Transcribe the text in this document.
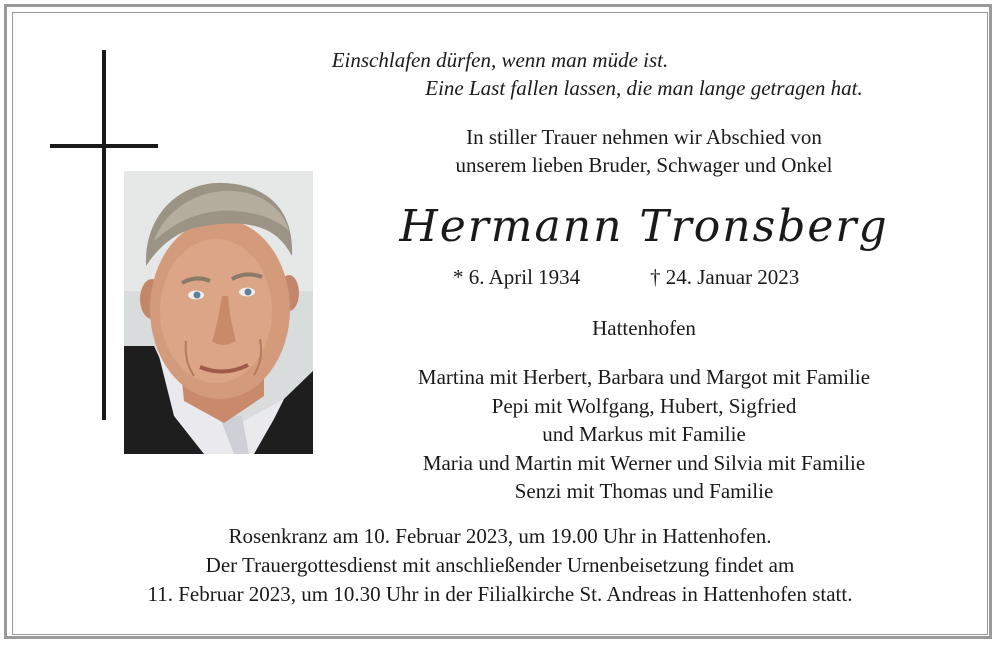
Einschlafen dürfen, wenn man müde ist.
Eine Last fallen lassen, die man lange getragen hat.
In stiller Trauer nehmen wir Abschied von
unserem lieben Bruder, Schwager und Onkel
Hermann Tronsberg
* 6. April 1934	† 24. Januar 2023
Hattenhofen
Martina mit Herbert, Barbara und Margot mit Familie
Pepi mit Wolfgang, Hubert, Sigfried
und Markus mit Familie
Maria und Martin mit Werner und Silvia mit Familie
Senzi mit Thomas und Familie
Rosenkranz am 10. Februar 2023, um 19.00 Uhr in Hattenhofen.
Der Trauergottesdienst mit anschließender Urnenbeisetzung findet am
11. Februar 2023, um 10.30 Uhr in der Filialkirche St. Andreas in Hattenhofen statt.
